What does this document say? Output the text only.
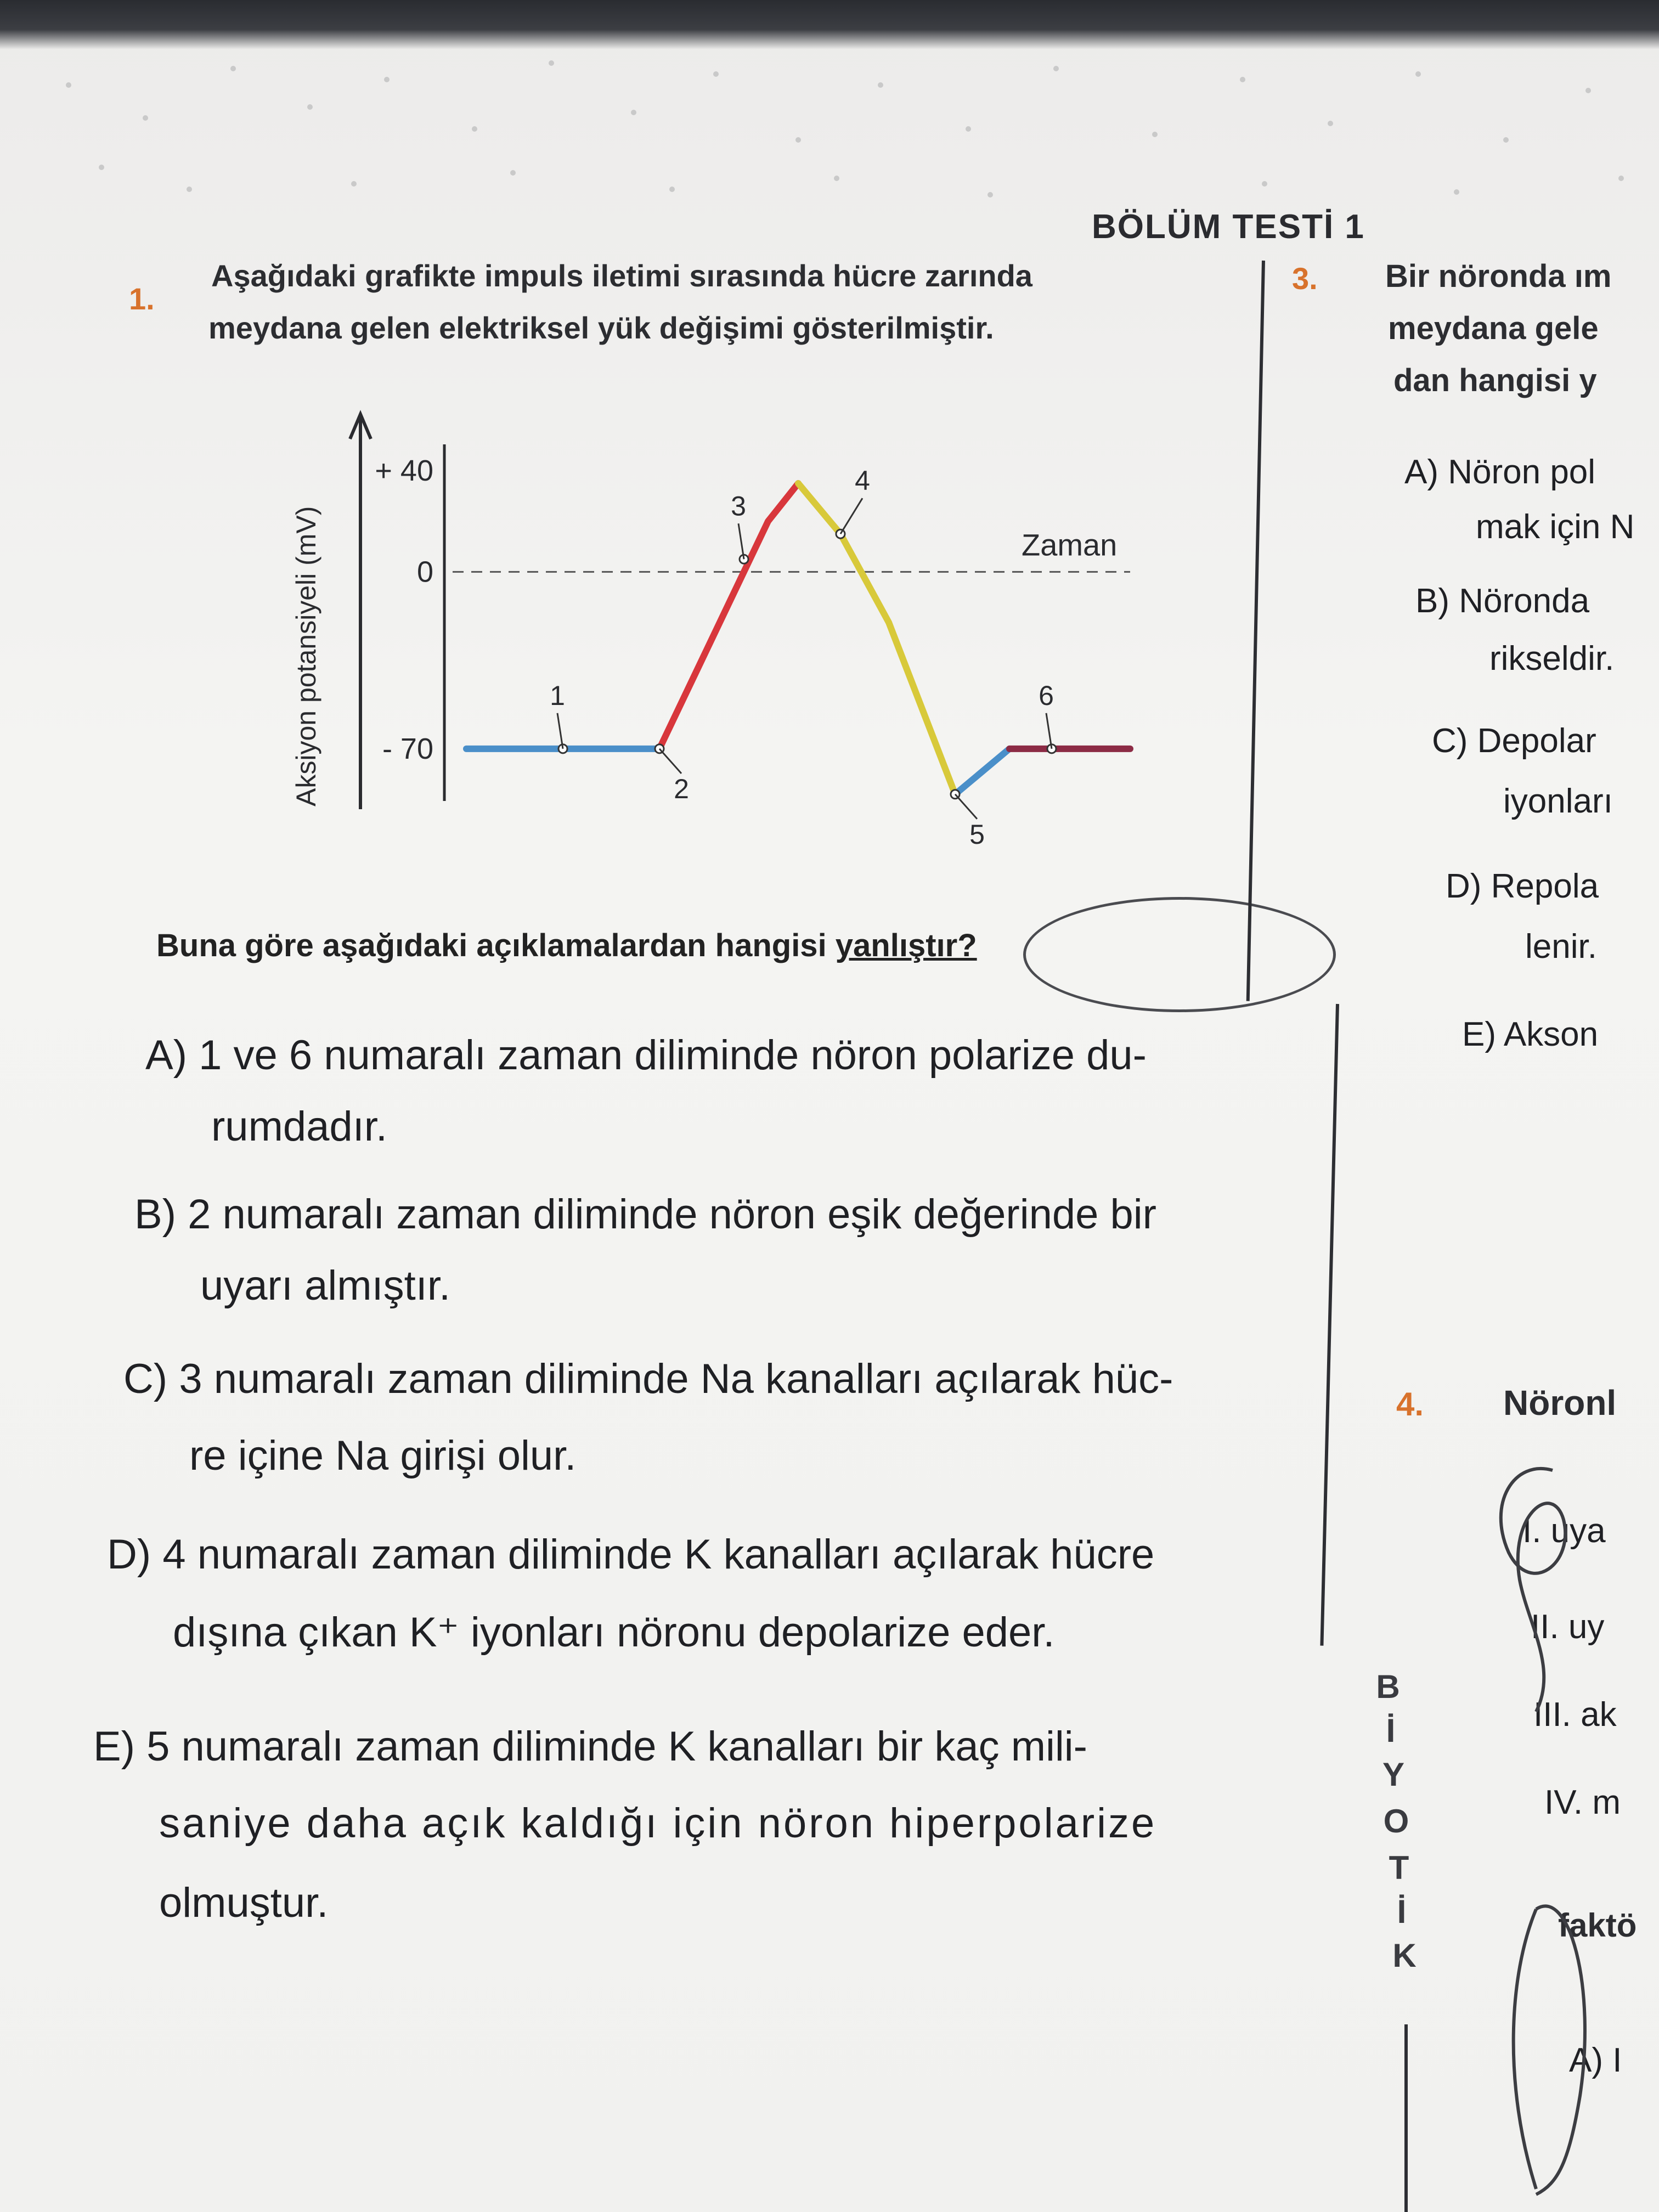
BÖLÜM TESTİ 1
1.
Aşağıdaki grafikte impuls iletimi sırasında hücre zarında
meydana gelen elektriksel yük değişimi gösterilmiştir.
Aksiyon potansiyeli (mV)
+ 40
0
- 70
Zaman
1
2
3
4
5
6
Buna göre aşağıdaki açıklamalardan hangisi yanlıştır?
A) 1 ve 6 numaralı zaman diliminde nöron polarize du-
rumdadır.
B) 2 numaralı zaman diliminde nöron eşik değerinde bir
uyarı almıştır.
C) 3 numaralı zaman diliminde Na kanalları açılarak hüc-
re içine Na girişi olur.
D) 4 numaralı zaman diliminde K kanalları açılarak hücre
dışına çıkan K⁺ iyonları nöronu depolarize eder.
E) 5 numaralı zaman diliminde K kanalları bir kaç mili-
saniye daha açık kaldığı için nöron hiperpolarize
olmuştur.
B
İ
Y
O
T
İ
K
3. Bir nöronda ım
meydana gele
dan hangisi y
A) Nöron pol
mak için N
B) Nöronda
rikseldir.
C) Depolar
iyonları
D) Repola
lenir.
E) Akson
4. Nöronl
I. uya
II. uy
III. ak
IV. m
faktö
A) I
